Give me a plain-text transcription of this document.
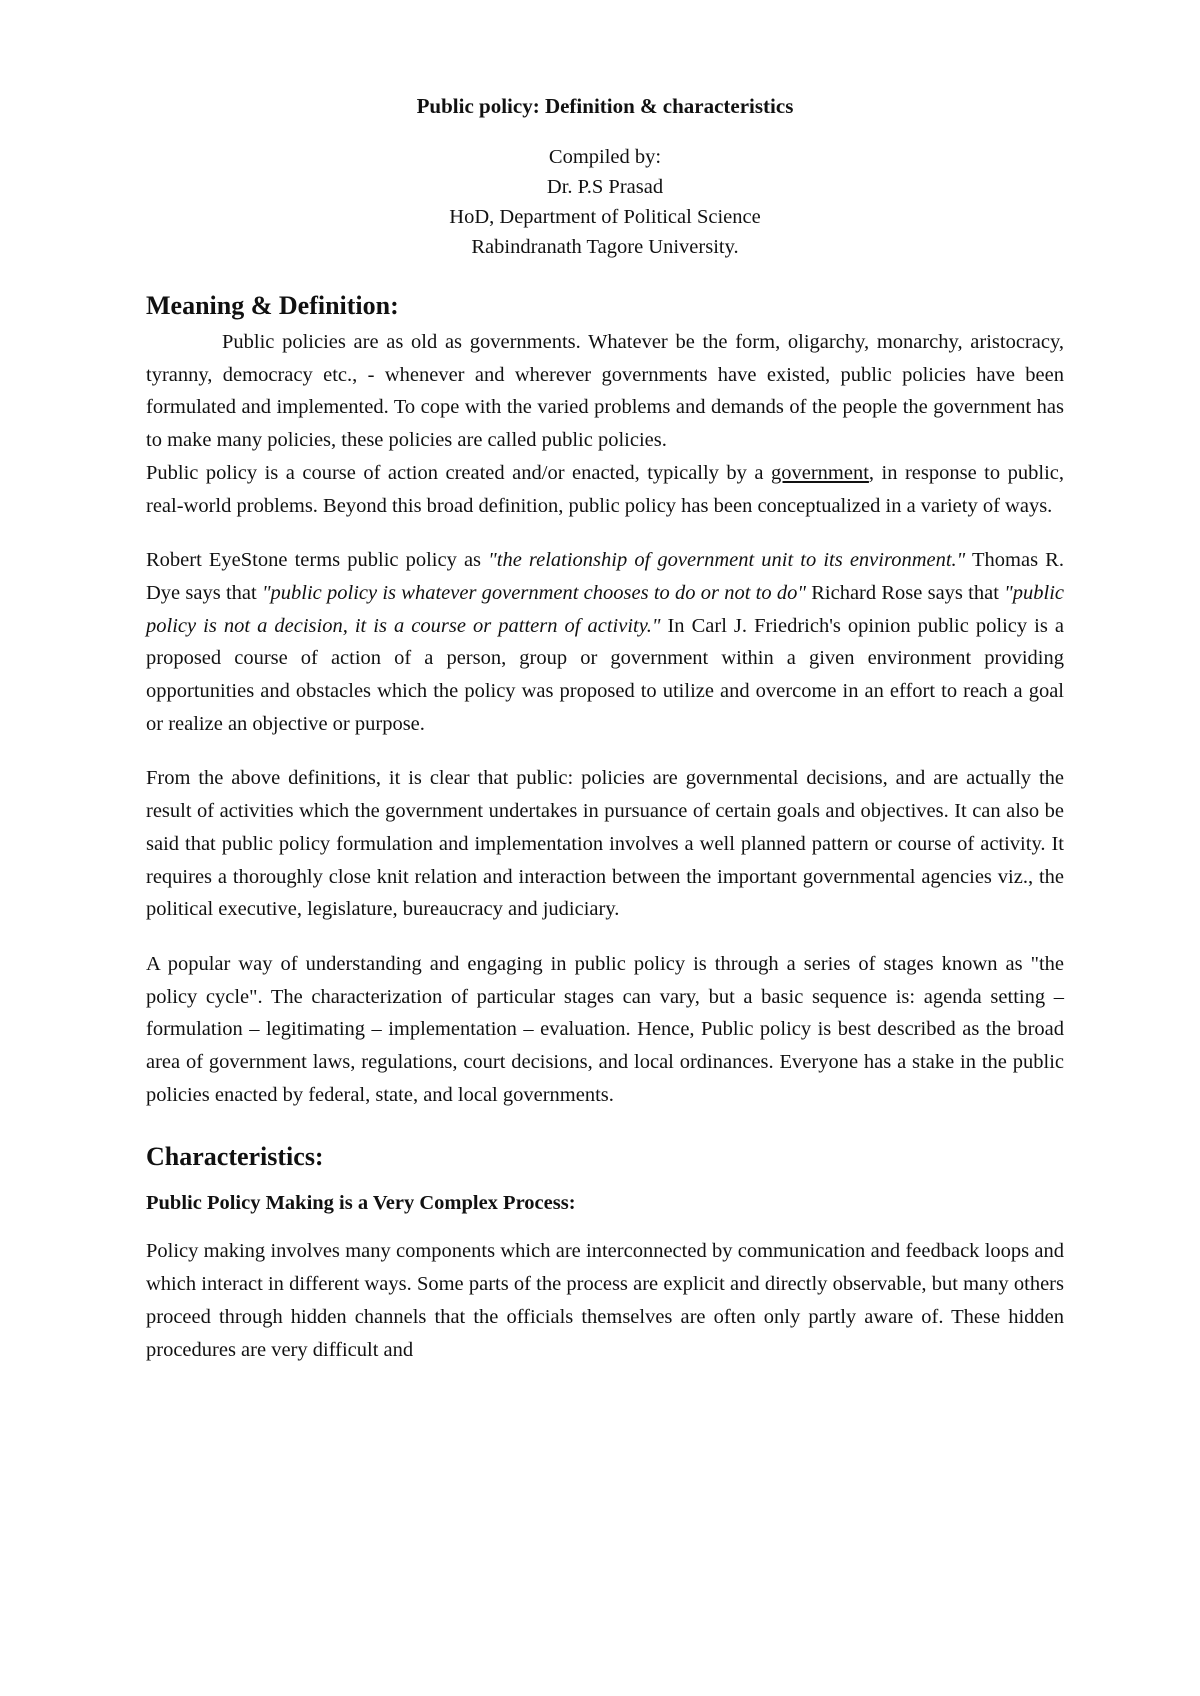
Public policy: Definition & characteristics
Compiled by:
Dr. P.S Prasad
HoD, Department of Political Science
Rabindranath Tagore University.
Meaning & Definition:

Public policies are as old as governments. Whatever be the form, oligarchy, monarchy, aristocracy, tyranny, democracy etc., - whenever and wherever governments have existed, public policies have been formulated and implemented. To cope with the varied problems and demands of the people the government has to make many policies, these policies are called public policies.

Public policy is a course of action created and/or enacted, typically by a government, in response to public, real-world problems. Beyond this broad definition, public policy has been conceptualized in a variety of ways.

Robert EyeStone terms public policy as "the relationship of government unit to its environment." Thomas R. Dye says that "public policy is whatever government chooses to do or not to do" Richard Rose says that "public policy is not a decision, it is a course or pattern of activity." In Carl J. Friedrich's opinion public policy is a proposed course of action of a person, group or government within a given environment providing opportunities and obstacles which the policy was proposed to utilize and overcome in an effort to reach a goal or realize an objective or purpose.

From the above definitions, it is clear that public: policies are governmental decisions, and are actually the result of activities which the government undertakes in pursuance of certain goals and objectives. It can also be said that public policy formulation and implementation involves a well planned pattern or course of activity. It requires a thoroughly close knit relation and interaction between the important governmental agencies viz., the political executive, legislature, bureaucracy and judiciary.

A popular way of understanding and engaging in public policy is through a series of stages known as "the policy cycle". The characterization of particular stages can vary, but a basic sequence is: agenda setting – formulation – legitimating – implementation – evaluation. Hence, Public policy is best described as the broad area of government laws, regulations, court decisions, and local ordinances. Everyone has a stake in the public policies enacted by federal, state, and local governments.

Characteristics:
Public Policy Making is a Very Complex Process:

Policy making involves many components which are interconnected by communication and feedback loops and which interact in different ways. Some parts of the process are explicit and directly observable, but many others proceed through hidden channels that the officials themselves are often only partly aware of. These hidden procedures are very difficult and
